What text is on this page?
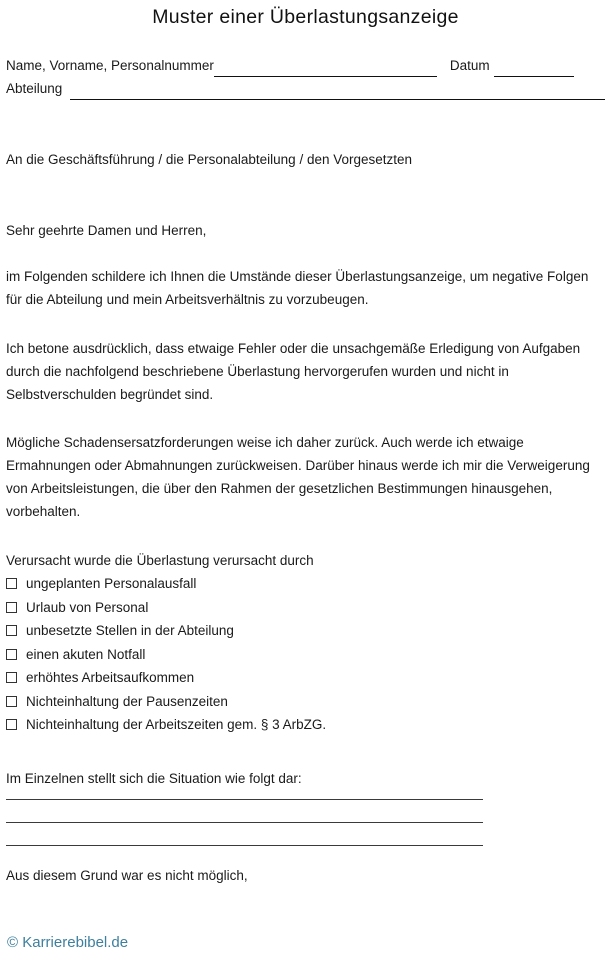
Muster einer Überlastungsanzeige
Name, Vorname, Personalnummer	Datum
Abteilung

An die Geschäftsführung / die Personalabteilung / den Vorgesetzten

Sehr geehrte Damen und Herren,

im Folgenden schildere ich Ihnen die Umstände dieser Überlastungsanzeige, um negative Folgen für die Abteilung und mein Arbeitsverhältnis zu vorzubeugen.

Ich betone ausdrücklich, dass etwaige Fehler oder die unsachgemäße Erledigung von Aufgaben durch die nachfolgend beschriebene Überlastung hervorgerufen wurden und nicht in Selbstverschulden begründet sind.

Mögliche Schadensersatzforderungen weise ich daher zurück. Auch werde ich etwaige Ermahnungen oder Abmahnungen zurückweisen. Darüber hinaus werde ich mir die Verweigerung von Arbeitsleistungen, die über den Rahmen der gesetzlichen Bestimmungen hinausgehen, vorbehalten.

Verursacht wurde die Überlastung verursacht durch

ungeplanten Personalausfall
Urlaub von Personal
unbesetzte Stellen in der Abteilung
einen akuten Notfall
erhöhtes Arbeitsaufkommen
Nichteinhaltung der Pausenzeiten
Nichteinhaltung der Arbeitszeiten gem. § 3 ArbZG.

Im Einzelnen stellt sich die Situation wie folgt dar:

Aus diesem Grund war es nicht möglich,

© Karrierebibel.de
